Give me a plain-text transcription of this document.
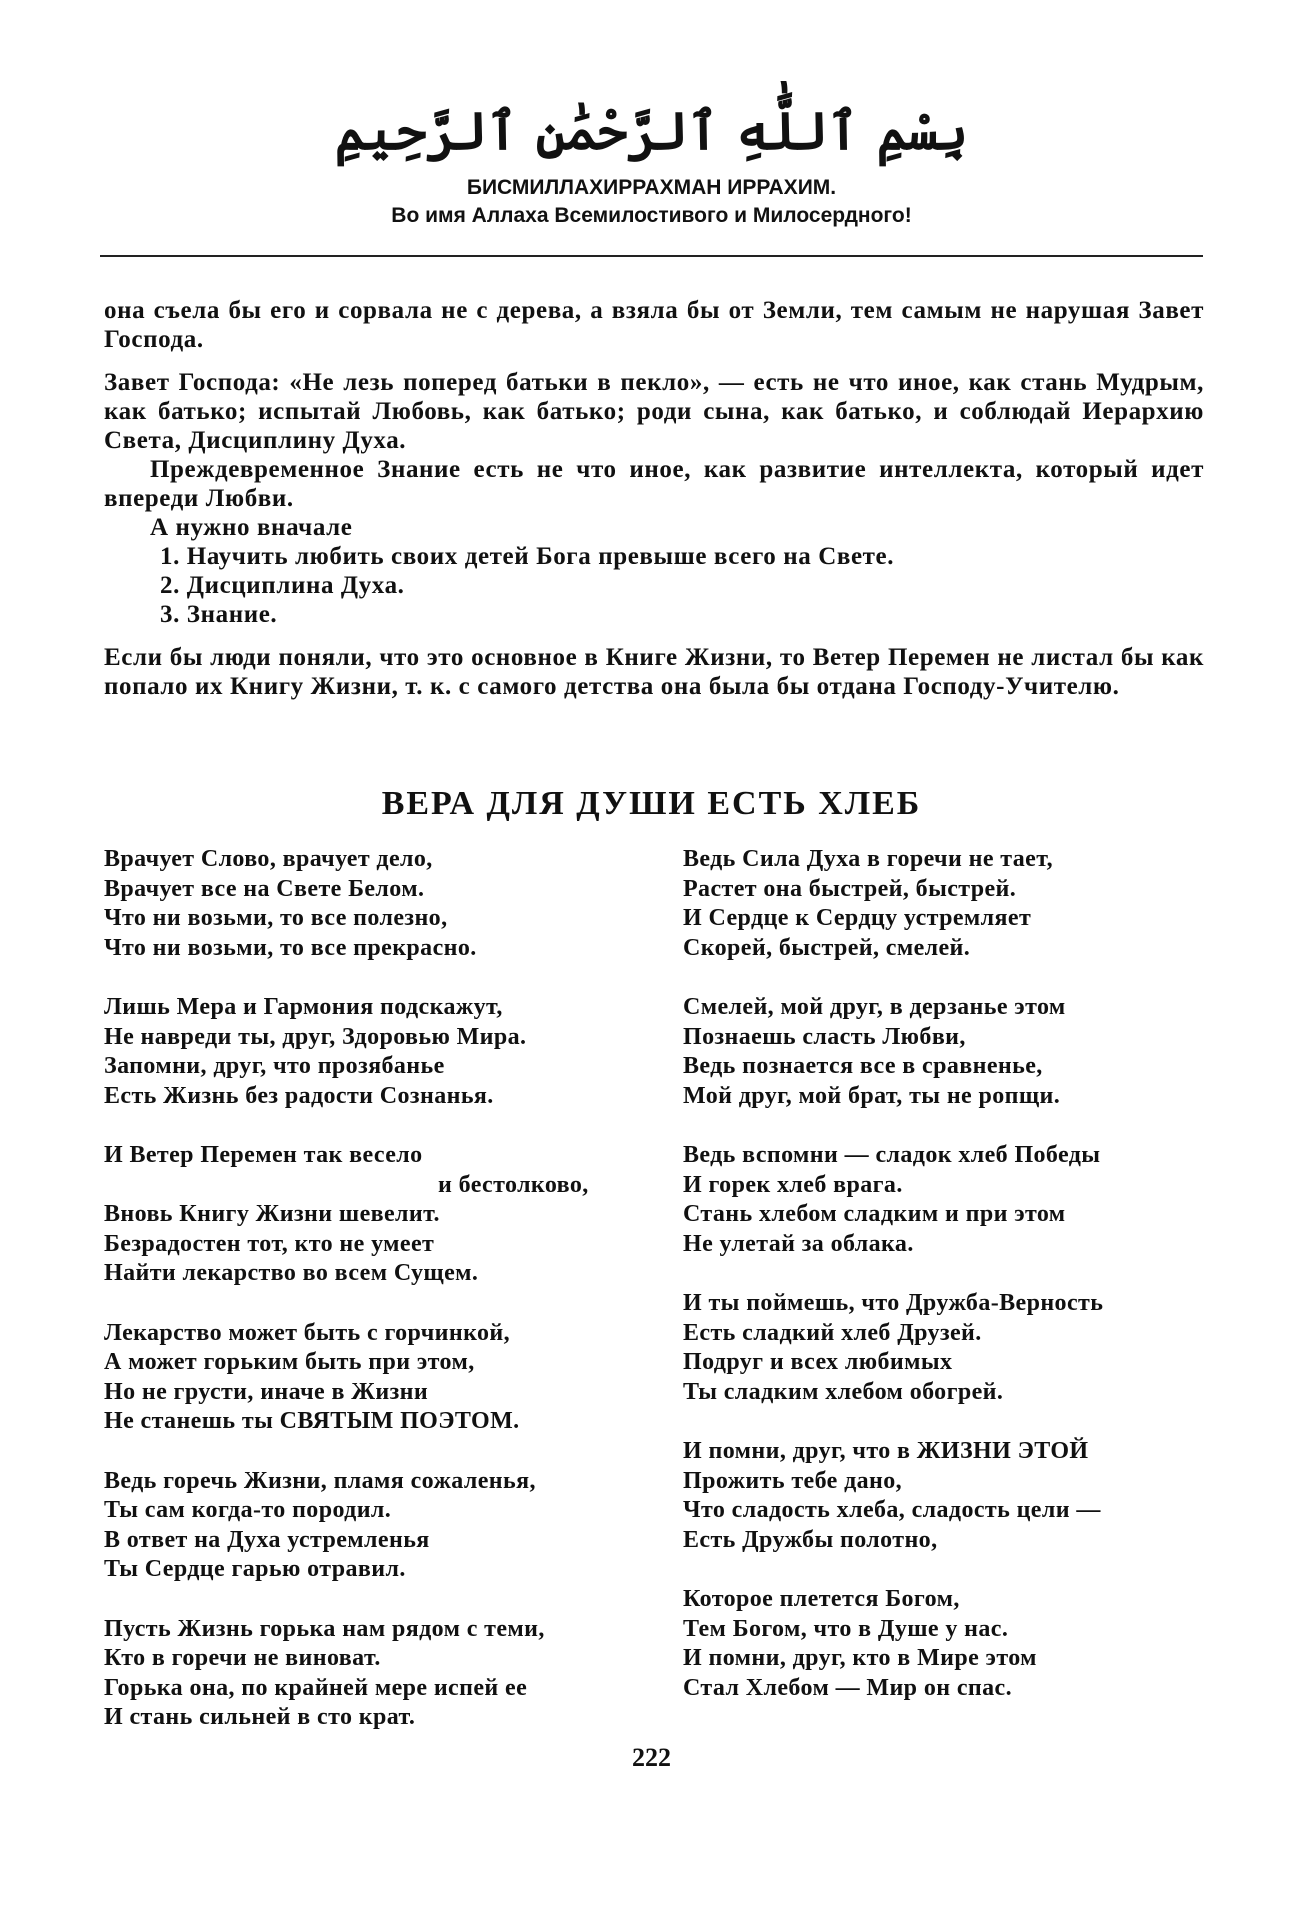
بِسْمِ ٱللَّٰهِ ٱلرَّحْمَٰنِ ٱلرَّحِيمِ
БИСМИЛЛАХИРРАХМАН ИРРАХИМ.
Во имя Аллаха Всемилостивого и Милосердного!

она съела бы его и сорвала не с дерева, а взяла бы от Земли, тем самым не нарушая Завет Господа.

Завет Господа: «Не лезь поперед батьки в пекло», — есть не что иное, как стань Мудрым, как батько; испытай Любовь, как батько; роди сына, как батько, и соблюдай Иерархию Света, Дисциплину Духа.

Преждевременное Знание есть не что иное, как развитие интеллекта, который идет впереди Любви.

А нужно вначале

1. Научить любить своих детей Бога превыше всего на Свете.

2. Дисциплина Духа.

3. Знание.

Если бы люди поняли, что это основное в Книге Жизни, то Ветер Перемен не листал бы как попало их Книгу Жизни, т. к. с самого детства она была бы отдана Господу-Учителю.

ВЕРА ДЛЯ ДУШИ ЕСТЬ ХЛЕБ
Врачует Слово, врачует дело,
Врачует все на Свете Белом.
Что ни возьми, то все полезно,
Что ни возьми, то все прекрасно.
Лишь Мера и Гармония подскажут,
Не навреди ты, друг, Здоровью Мира.
Запомни, друг, что прозябанье
Есть Жизнь без радости Сознанья.
И Ветер Перемен так весело
и бестолково,
Вновь Книгу Жизни шевелит.
Безрадостен тот, кто не умеет
Найти лекарство во всем Сущем.
Лекарство может быть с горчинкой,
А может горьким быть при этом,
Но не грусти, иначе в Жизни
Не станешь ты СВЯТЫМ ПОЭТОМ.
Ведь горечь Жизни, пламя сожаленья,
Ты сам когда-то породил.
В ответ на Духа устремленья
Ты Сердце гарью отравил.
Пусть Жизнь горька нам рядом с теми,
Кто в горечи не виноват.
Горька она, по крайней мере испей ее
И стань сильней в сто крат.
Ведь Сила Духа в горечи не тает,
Растет она быстрей, быстрей.
И Сердце к Сердцу устремляет
Скорей, быстрей, смелей.
Смелей, мой друг, в дерзанье этом
Познаешь сласть Любви,
Ведь познается все в сравненье,
Мой друг, мой брат, ты не ропщи.
Ведь вспомни — сладок хлеб Победы
И горек хлеб врага.
Стань хлебом сладким и при этом
Не улетай за облака.
И ты поймешь, что Дружба-Верность
Есть сладкий хлеб Друзей.
Подруг и всех любимых
Ты сладким хлебом обогрей.
И помни, друг, что в ЖИЗНИ ЭТОЙ
Прожить тебе дано,
Что сладость хлеба, сладость цели —
Есть Дружбы полотно,
Которое плетется Богом,
Тем Богом, что в Душе у нас.
И помни, друг, кто в Мире этом
Стал Хлебом — Мир он спас.
222
